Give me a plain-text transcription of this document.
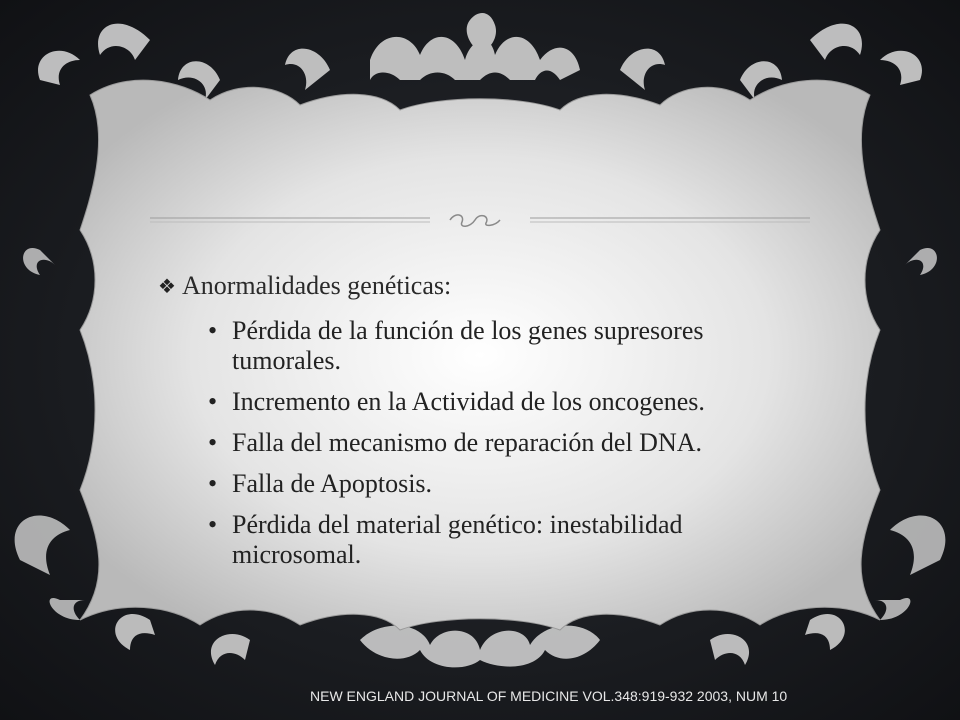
❖ Anormalidades genéticas:
• Pérdida de la función de los genes supresores tumorales.
• Incremento en la Actividad de los oncogenes.
• Falla del mecanismo de reparación del DNA.
• Falla de Apoptosis.
• Pérdida del material genético: inestabilidad microsomal.
NEW ENGLAND JOURNAL OF MEDICINE VOL.348:919-932 2003, NUM 10
